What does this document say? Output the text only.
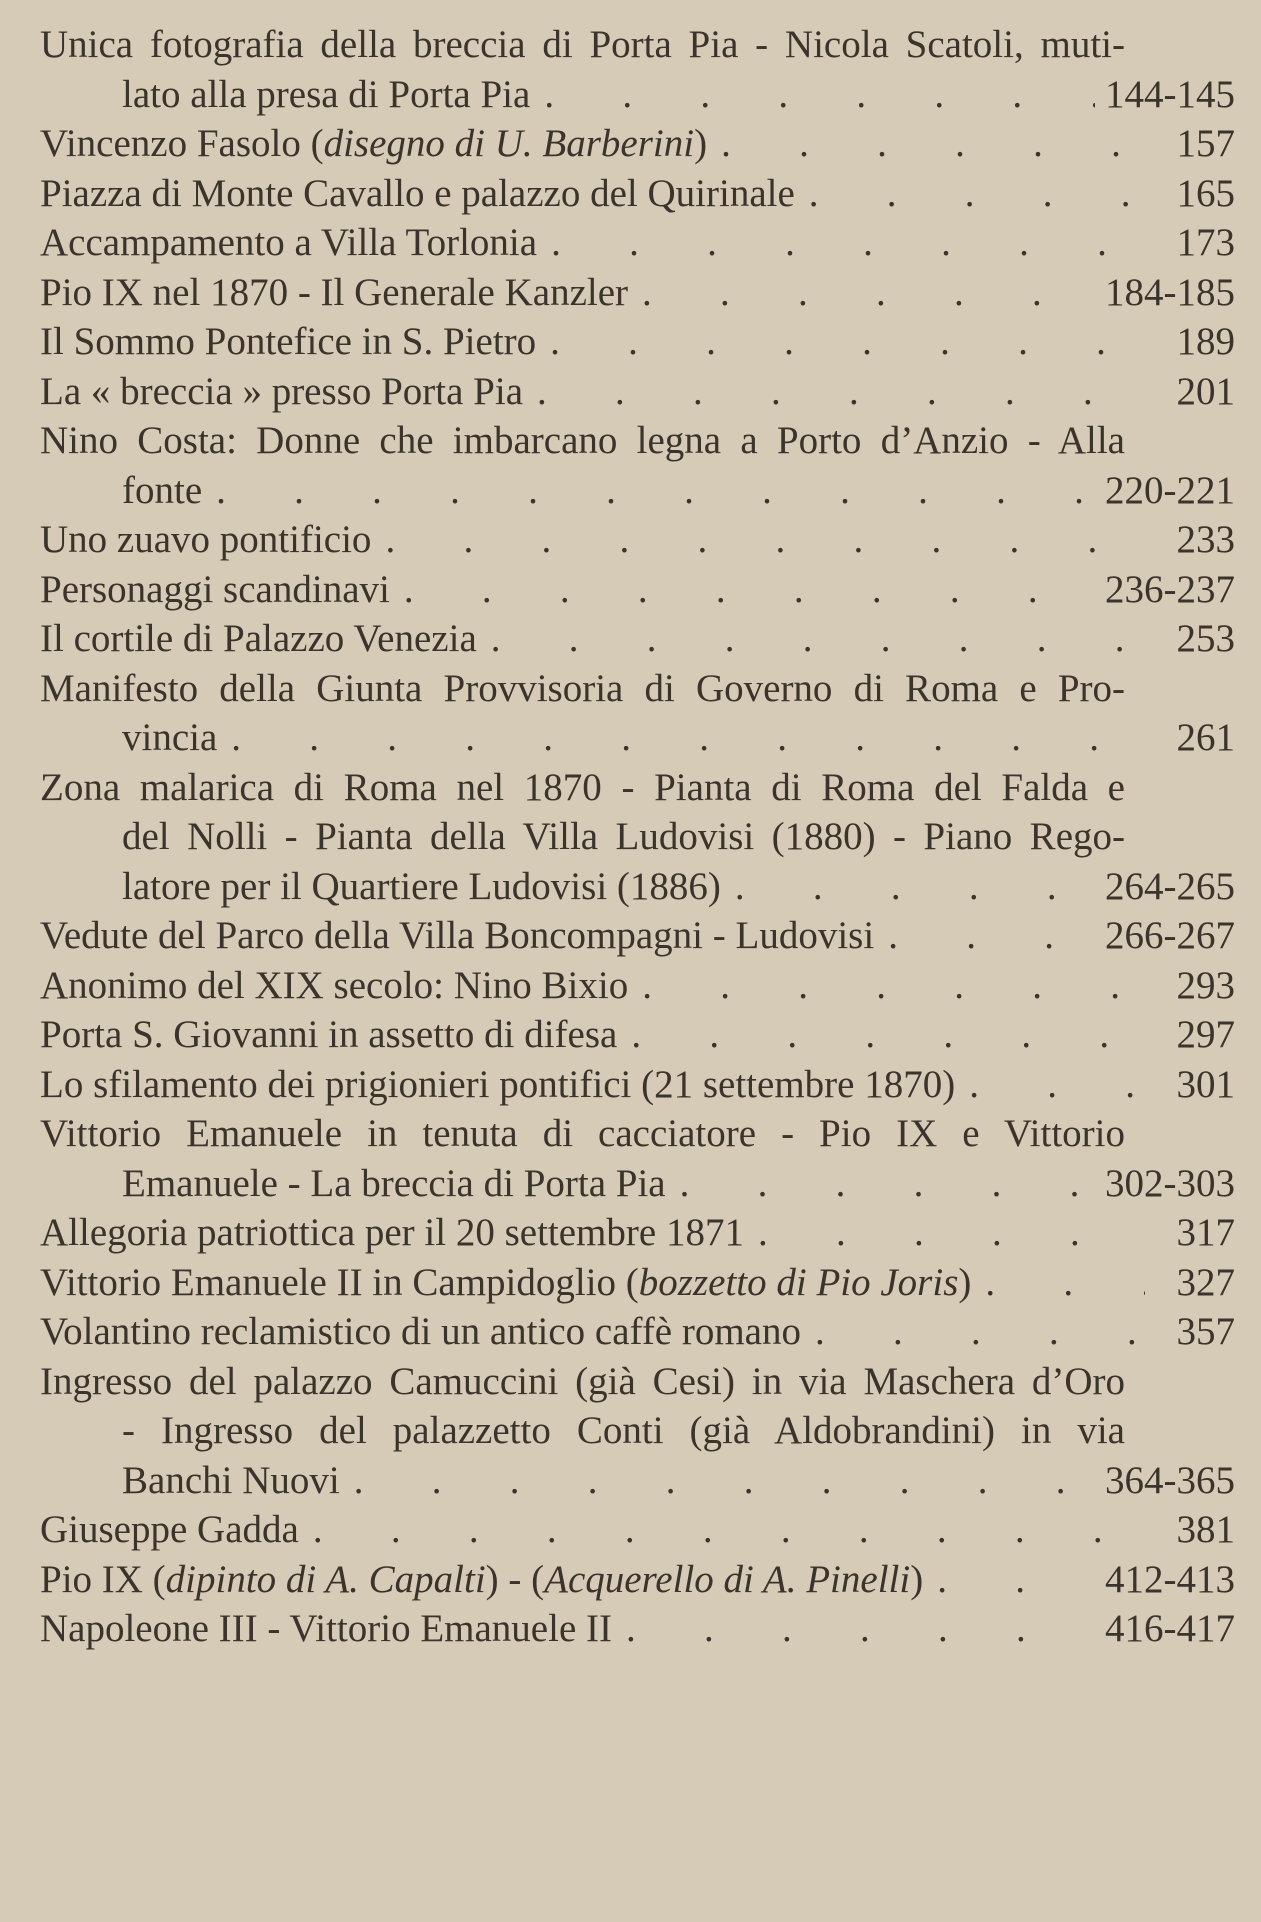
Unica fotografia della breccia di Porta Pia - Nicola Scatoli, muti-
lato alla presa di Porta Pia .	144-145
Vincenzo Fasolo (disegno di U. Barberini) .	157
Piazza di Monte Cavallo e palazzo del Quirinale .	165
Accampamento a Villa Torlonia .	173
Pio IX nel 1870 - Il Generale Kanzler .	184-185
Il Sommo Pontefice in S. Pietro .	189
La « breccia » presso Porta Pia .	201
Nino Costa: Donne che imbarcano legna a Porto d’Anzio - Alla
fonte .	220-221
Uno zuavo pontificio .	233
Personaggi scandinavi .	236-237
Il cortile di Palazzo Venezia .	253
Manifesto della Giunta Provvisoria di Governo di Roma e Pro-
vincia .	261
Zona malarica di Roma nel 1870 - Pianta di Roma del Falda e
del Nolli - Pianta della Villa Ludovisi (1880) - Piano Rego-
latore per il Quartiere Ludovisi (1886) .	264-265
Vedute del Parco della Villa Boncompagni - Ludovisi .	266-267
Anonimo del XIX secolo: Nino Bixio .	293
Porta S. Giovanni in assetto di difesa .	297
Lo sfilamento dei prigionieri pontifici (21 settembre 1870) .	301
Vittorio Emanuele in tenuta di cacciatore - Pio IX e Vittorio
Emanuele - La breccia di Porta Pia .	302-303
Allegoria patriottica per il 20 settembre 1871 .	317
Vittorio Emanuele II in Campidoglio (bozzetto di Pio Joris) .	327
Volantino reclamistico di un antico caffè romano .	357
Ingresso del palazzo Camuccini (già Cesi) in via Maschera d’Oro
- Ingresso del palazzetto Conti (già Aldobrandini) in via
Banchi Nuovi .	364-365
Giuseppe Gadda .	381
Pio IX (dipinto di A. Capalti) - (Acquerello di A. Pinelli) .	412-413
Napoleone III - Vittorio Emanuele II .	416-417
